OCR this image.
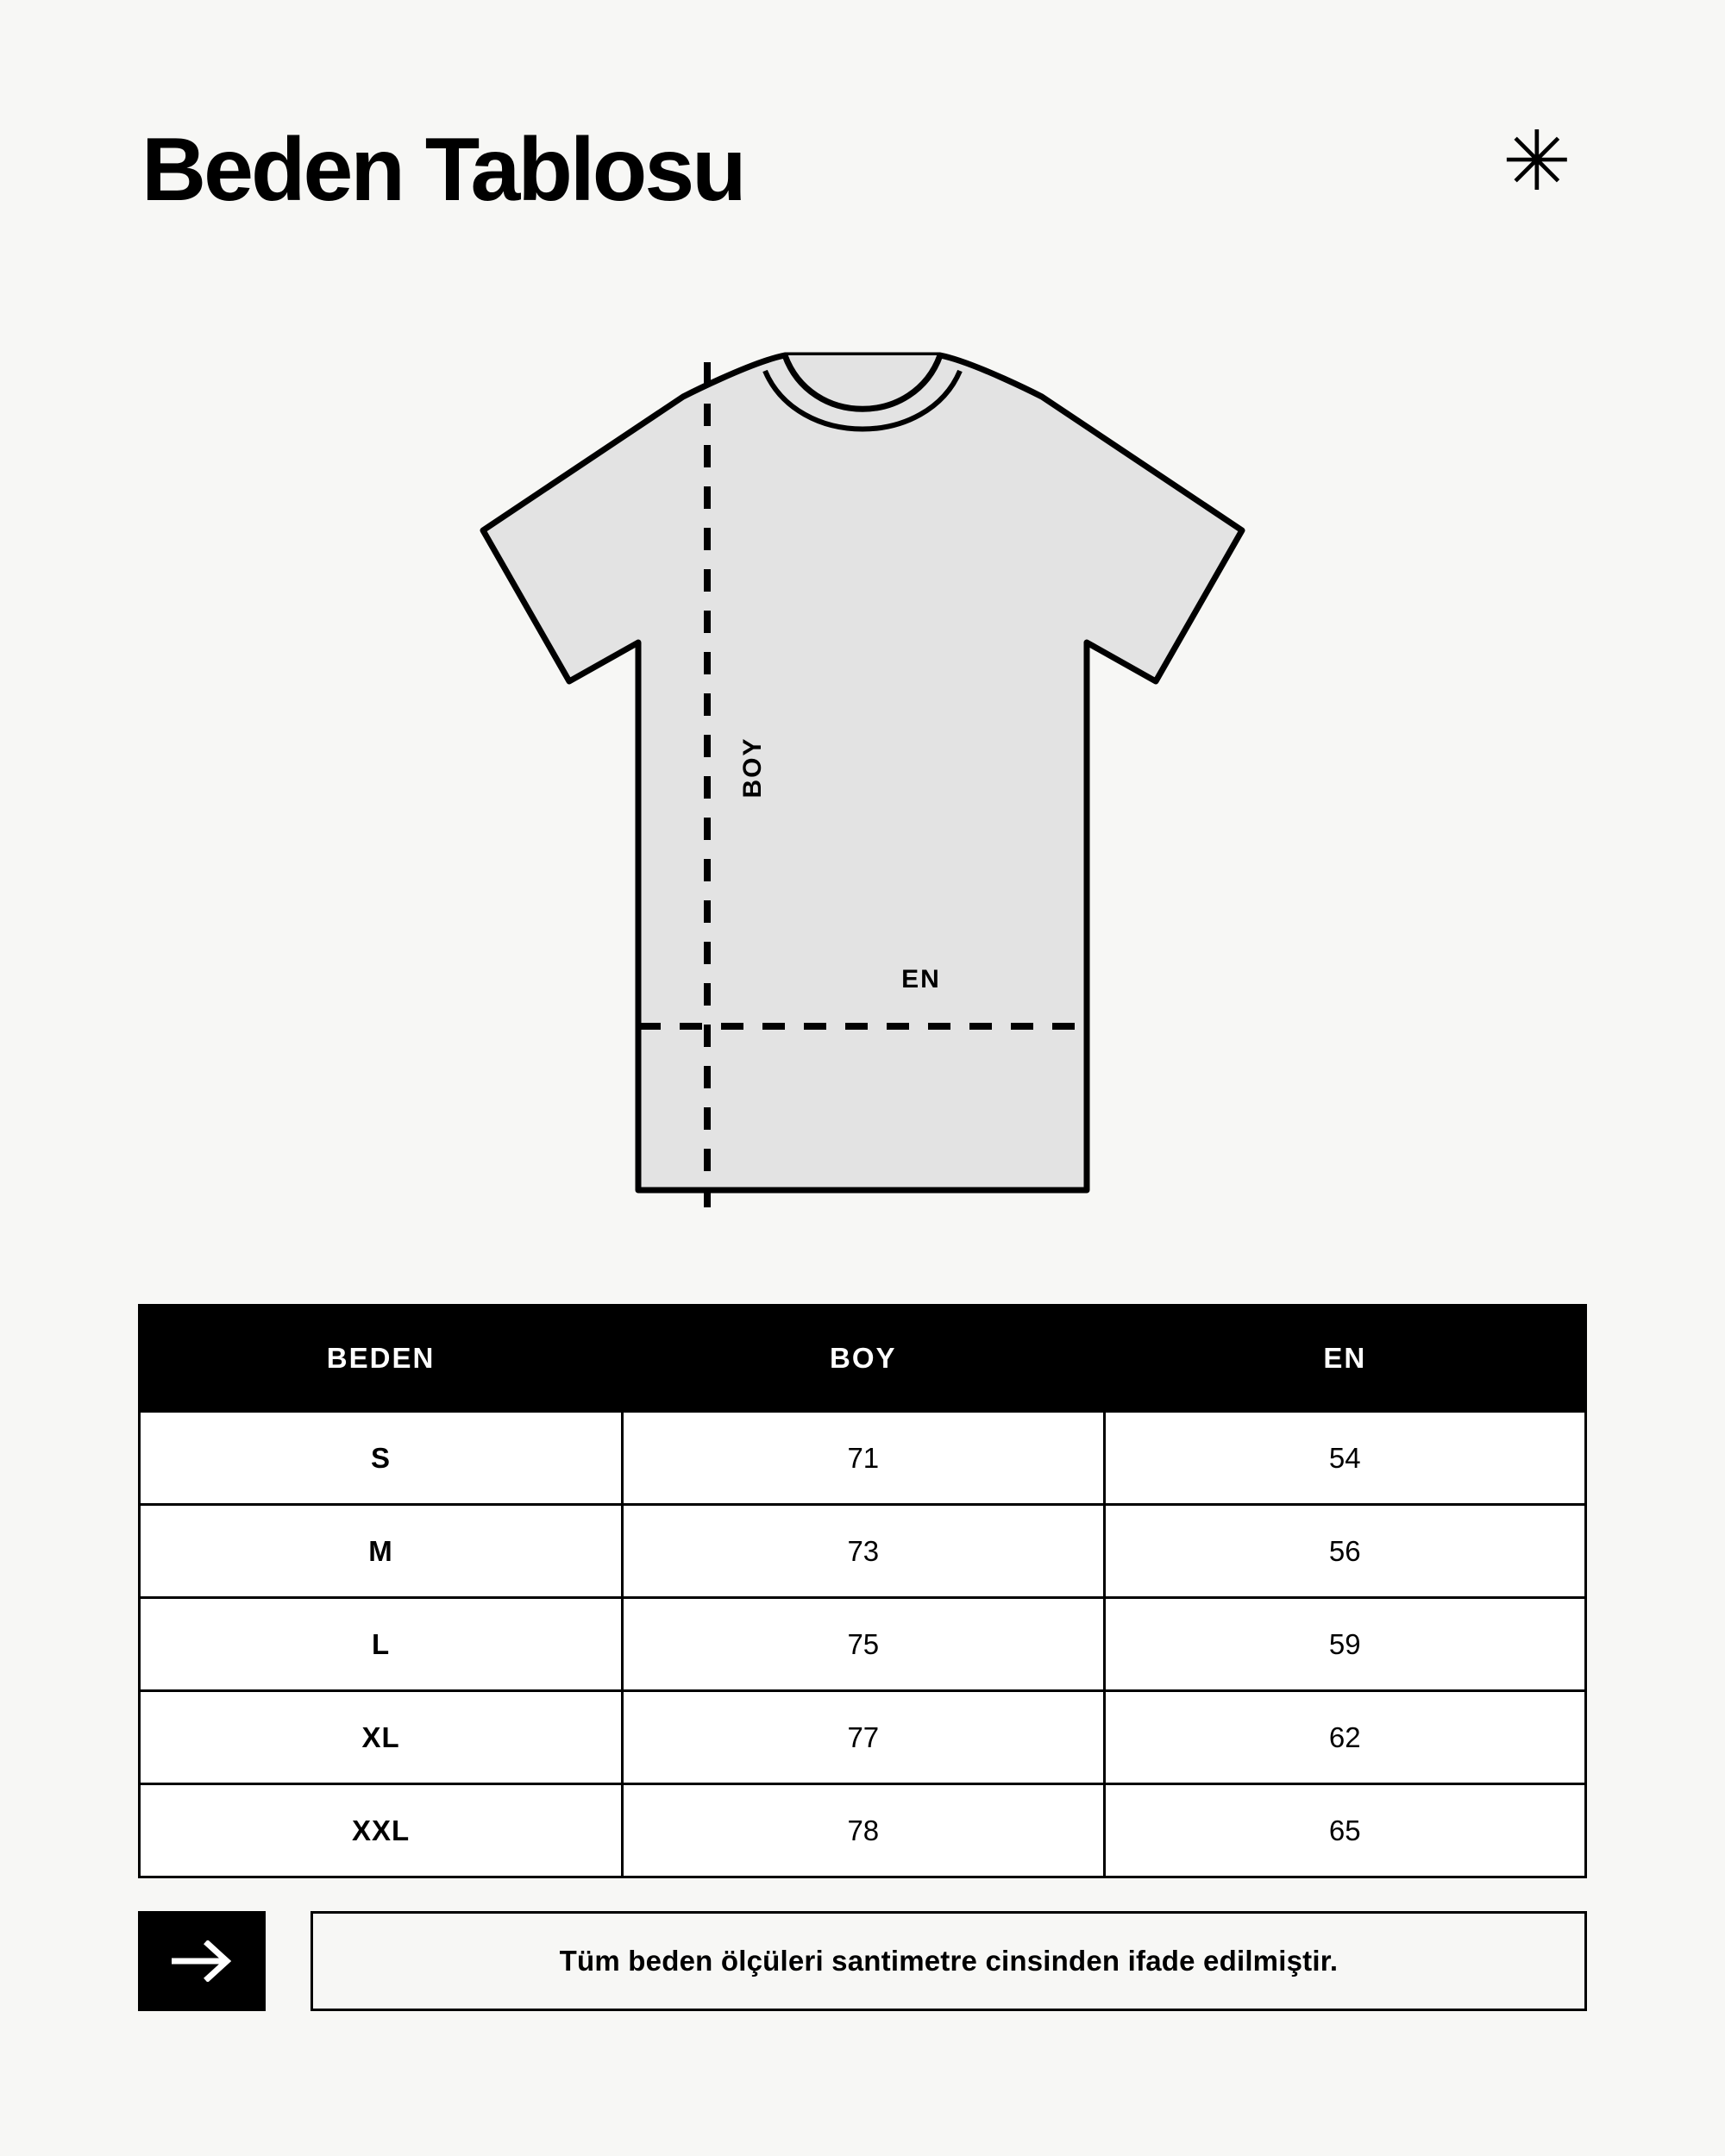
Beden Tablosu	✳
BOY
EN
BEDEN	BOY	EN
S	71	54
M	73	56
L	75	59
XL	77	62
XXL	78	65
Tüm beden ölçüleri santimetre cinsinden ifade edilmiştir.
